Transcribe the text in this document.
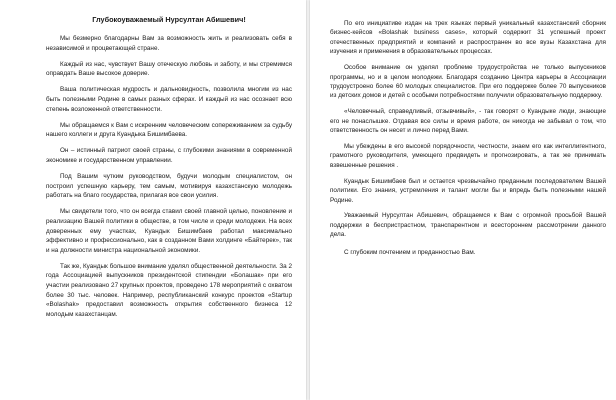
Глубокоуважаемый Нурсултан Абишевич!

Мы безмерно благодарны Вам за возможность жить и реализовать себя в независимой и процветающей стране.

Каждый из нас, чувствует Вашу отеческую любовь и заботу, и мы стремимся оправдать Ваше высокое доверие.

Ваша политическая мудрость и дальновидность, позволила многим из нас быть полезными Родине в самых разных сферах. И каждый из нас осознает всю степень возложенной ответственности.

Мы обращаемся к Вам с искренним человеческим сопереживанием за судьбу нашего коллеги и друга Куандыка Бишимбаева.

Он – истинный патриот своей страны, с глубокими знаниями в современной экономике и государственном управлении.

Под Вашим чутким руководством, будучи молодым специалистом, он построил успешную карьеру, тем самым, мотивируя казахстанскую молодежь работать на благо государства, прилагая все свои усилия.

Мы свидетели того, что он всегда ставил своей главной целью, поновление и реализацию Вашей политики в обществе, в том числе и среди молодежи. На всех доверенных ему участках, Куандык Бишимбаев работал максимально эффективно и профессионально, как в созданном Вами холдинге «Байтерек», так и на должности министра национальной экономики.

Так же, Куандык большое внимание уделял общественной деятельности. За 2 года Ассоциацией выпускников президентской стипендии «Болашак» при его участии реализовано 27 крупных проектов, проведено 178 мероприятий с охватом более 30 тыс. человек. Например, республиканский конкурс проектов «Startup «Bolashak» предоставил возможность открытия собственного бизнеса 12 молодым казахстанцам.

По его инициативе издан на трех языках первый уникальный казахстанский сборник бизнес-кейсов «Bolashak business cases», который содержит 31 успешный проект отечественных предприятий и компаний и распространен во все вузы Казахстана для изучения и применения в образовательных процессах.

Особое внимание он уделял проблеме трудоустройства не только выпускников программы, но и в целом молодежи. Благодаря созданию Центра карьеры в Ассоциации трудоустроено более 60 молодых специалистов. При его поддержке более 70 выпускников из детских домов и детей с особыми потребностями получили образовательную поддержку.

«Человечный, справедливый, отзывчивый», - так говорят о Куандыке люди, знающие его не понаслышке. Отдавая все силы и время работе, он никогда не забывал о том, что ответственность он несет и лично перед Вами.

Мы убеждены в его высокой порядочности, честности, знаем его как интеллигентного, грамотного руководителя, умеющего предвидеть и прогнозировать, а так же принимать взвешенные решения .

Куандык Бишимбаев был и остается чрезвычайно преданным последователем Вашей политики. Его знания, устремления и талант могли бы и впредь быть полезными нашей Родине.

Уважаемый Нурсултан Абишевич, обращаемся к Вам с огромной просьбой Вашей поддержки в беспристрастном, транспарентном и всестороннем рассмотрении данного дела.

С глубоким почтением и преданностью Вам.
